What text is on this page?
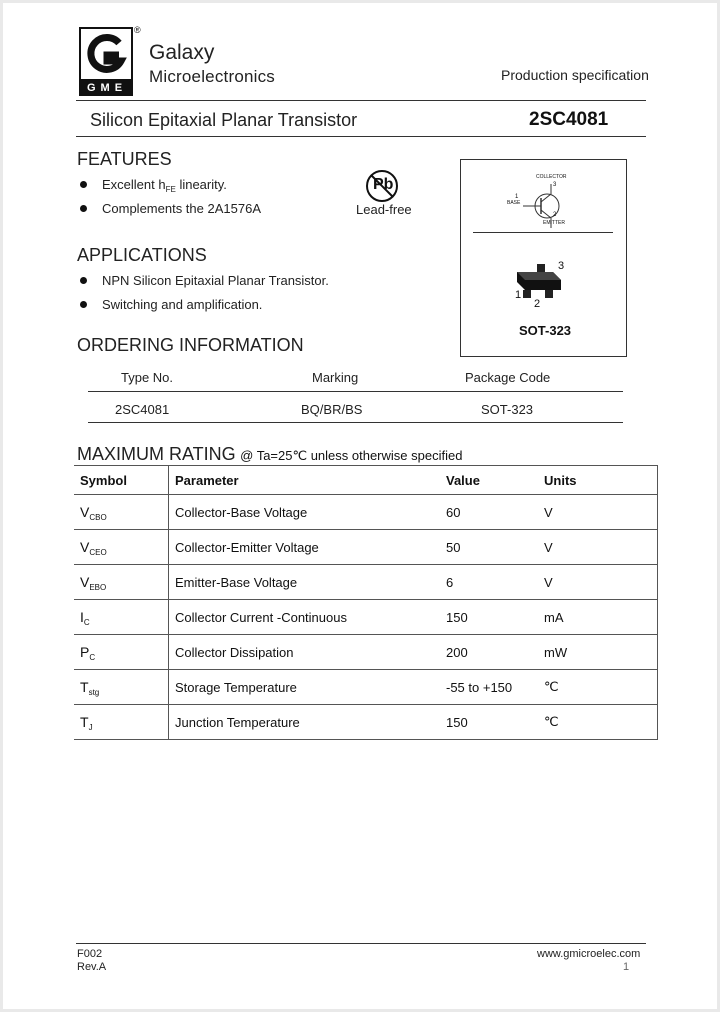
®
GME
Galaxy
Microelectronics	Production specification
Silicon Epitaxial Planar Transistor	2SC4081
FEATURES
Excellent $h_{FE}$ linearity.
Complements the 2A1576A
Pb
Lead-free
COLLECTOR
3
BASE
1
EMITTER
2
3
1
2
SOT-323
APPLICATIONS
NPN Silicon Epitaxial Planar Transistor.
Switching and amplification.
ORDERING INFORMATION
Type No.	Marking	Package Code
2SC4081	BQ/BR/BS	SOT-323
MAXIMUM RATING @ Ta=25℃ unless otherwise specified
Symbol	Parameter	Value	Units
$V_{CBO}$	Collector-Base Voltage	60	V
$V_{CEO}$	Collector-Emitter Voltage	50	V
$V_{EBO}$	Emitter-Base Voltage	6	V
$I_C$	Collector Current -Continuous	150	mA
$P_C$	Collector Dissipation	200	mW
$T_{stg}$	Storage Temperature	-55 to +150	℃
$T_J$	Junction Temperature	150	℃
F002
Rev.A
www.gmicroelec.com
1
